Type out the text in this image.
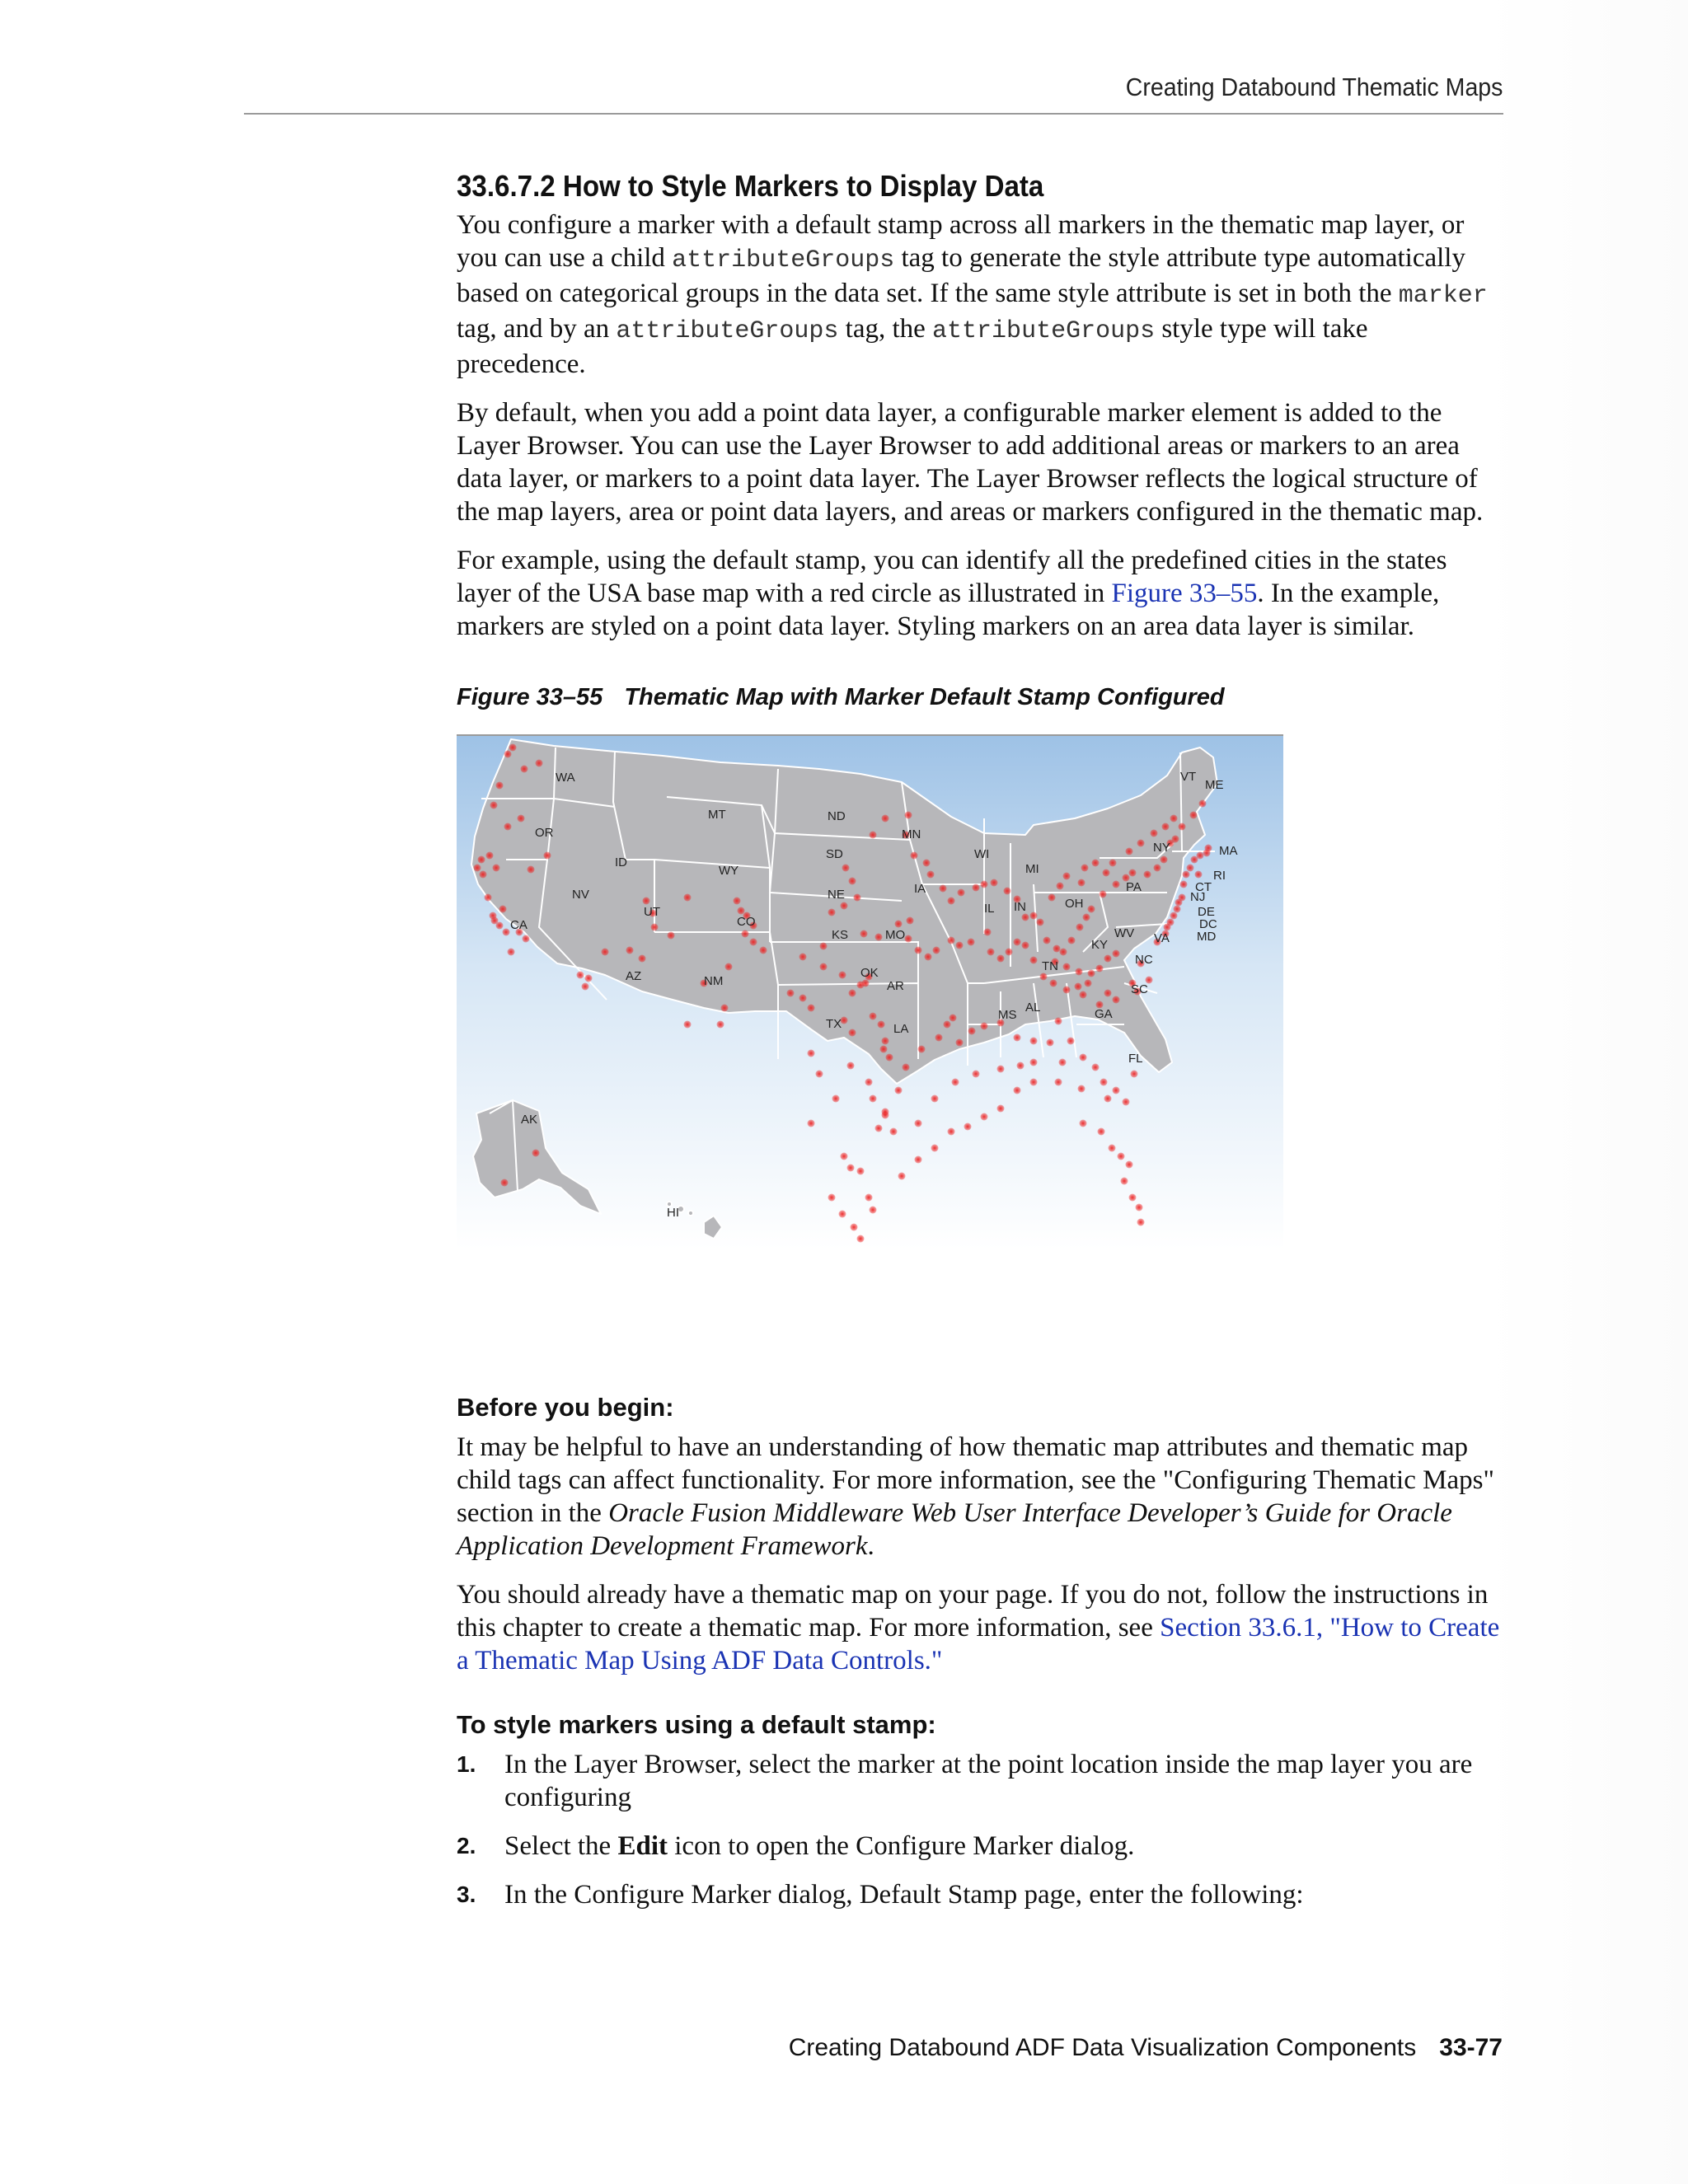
Creating Databound Thematic Maps
33.6.7.2 How to Style Markers to Display Data

You configure a marker with a default stamp across all markers in the thematic map layer, or you can use a child attributeGroups tag to generate the style attribute type automatically based on categorical groups in the data set. If the same style attribute is set in both the marker tag, and by an attributeGroups tag, the attributeGroups style type will take precedence.

By default, when you add a point data layer, a configurable marker element is added to the Layer Browser. You can use the Layer Browser to add additional areas or markers to an area data layer, or markers to a point data layer. The Layer Browser reflects the logical structure of the map layers, area or point data layers, and areas or markers configured in the thematic map.

For example, using the default stamp, you can identify all the predefined cities in the states layer of the USA base map with a red circle as illustrated in Figure 33–55. In the example, markers are styled on a point data layer. Styling markers on an area data layer is similar.

Figure 33–55 Thematic Map with Marker Default Stamp Configured
WA
OR
ID
MT	ND
SD
MN
WY
NV
CA
UT
CO
NE	IA
WI
MI
IL IN	OH
PA
NY
VT
ME
MA
RI
CT
NJ
DE
DC
MD
VA
WV
KY
KS	MO
OK
AR
TN	NC
SC
GA
AL
MS
LA
TX
NM
AZ
FL
AK
HI
Before you begin:

It may be helpful to have an understanding of how thematic map attributes and thematic map child tags can affect functionality. For more information, see the "Configuring Thematic Maps" section in the Oracle Fusion Middleware Web User Interface Developer’s Guide for Oracle Application Development Framework.

You should already have a thematic map on your page. If you do not, follow the instructions in this chapter to create a thematic map. For more information, see Section 33.6.1, "How to Create a Thematic Map Using ADF Data Controls."

To style markers using a default stamp:
1. In the Layer Browser, select the marker at the point location inside the map layer you are configuring
2. Select the Edit icon to open the Configure Marker dialog.
3. In the Configure Marker dialog, Default Stamp page, enter the following:
Creating Databound ADF Data Visualization Components 33-77
